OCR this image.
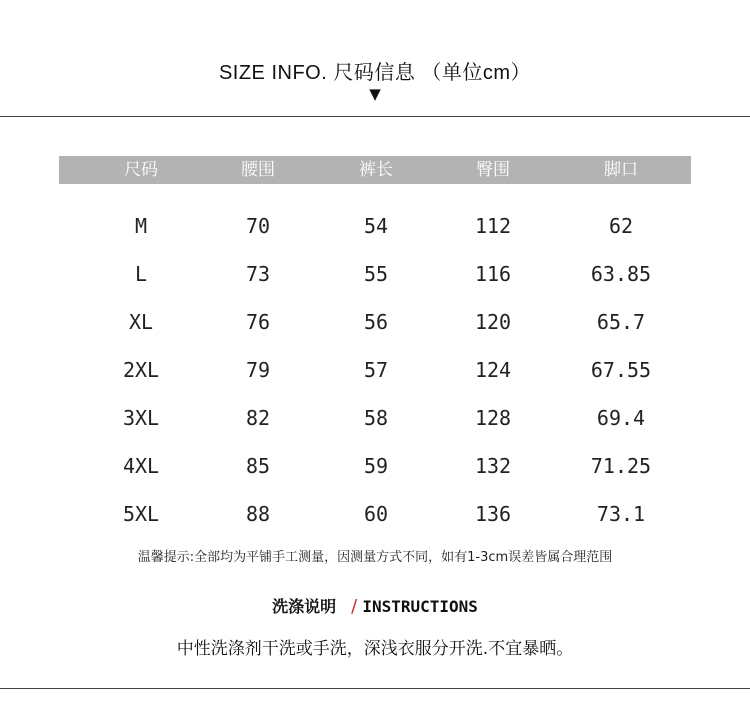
SIZE INFO. 尺码信息 （单位cm）
▼
尺码	腰围	裤长	臀围	脚口
M	70	54	112	62
L	73	55	116	63.85
XL	76	56	120	65.7
2XL	79	57	124	67.55
3XL	82	58	128	69.4
4XL	85	59	132	71.25
5XL	88	60	136	73.1
温馨提示:全部均为平铺手工测量，因测量方式不同，如有1-3cm误差皆属合理范围
洗涤说明 / INSTRUCTIONS
中性洗涤剂干洗或手洗，深浅衣服分开洗.不宜暴晒。
